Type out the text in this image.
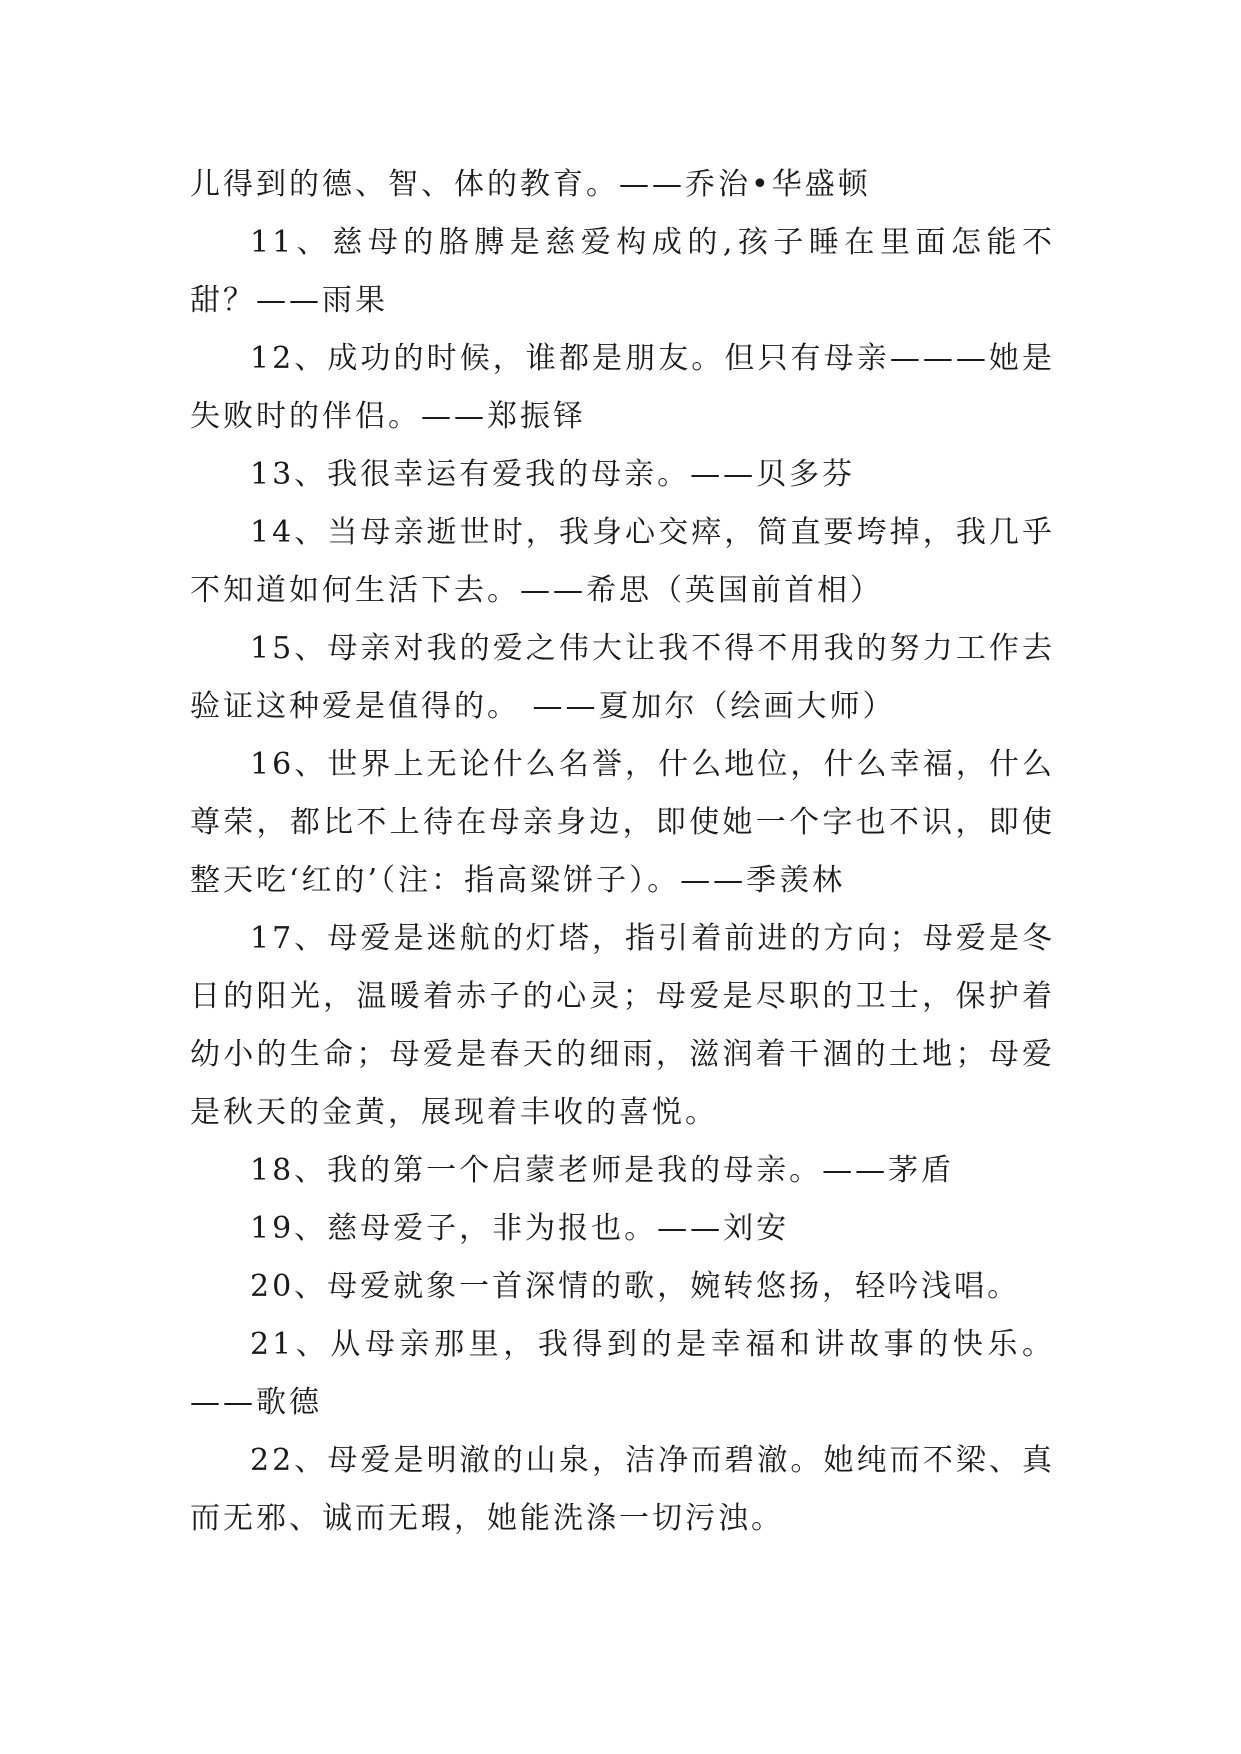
儿得到的德、智、体的教育。——乔治•华盛顿

11、慈母的胳膊是慈爱构成的,孩子睡在里面怎能不甜？——雨果

12、成功的时候，谁都是朋友。但只有母亲———她是失败时的伴侣。——郑振铎

13、我很幸运有爱我的母亲。——贝多芬

14、当母亲逝世时，我身心交瘁，简直要垮掉，我几乎不知道如何生活下去。——希思（英国前首相）

15、母亲对我的爱之伟大让我不得不用我的努力工作去验证这种爱是值得的。 ——夏加尔（绘画大师）

16、世界上无论什么名誉，什么地位，什么幸福，什么尊荣，都比不上待在母亲身边，即使她一个字也不识，即使整天吃‘红的’（注：指高粱饼子）。——季羡林

17、母爱是迷航的灯塔，指引着前进的方向；母爱是冬日的阳光，温暖着赤子的心灵；母爱是尽职的卫士，保护着幼小的生命；母爱是春天的细雨，滋润着干涸的土地；母爱是秋天的金黄，展现着丰收的喜悦。

18、我的第一个启蒙老师是我的母亲。——茅盾

19、慈母爱子，非为报也。——刘安

20、母爱就象一首深情的歌，婉转悠扬，轻吟浅唱。

21、从母亲那里，我得到的是幸福和讲故事的快乐。——歌德

22、母爱是明澈的山泉，洁净而碧澈。她纯而不梁、真而无邪、诚而无瑕，她能洗涤一切污浊。
